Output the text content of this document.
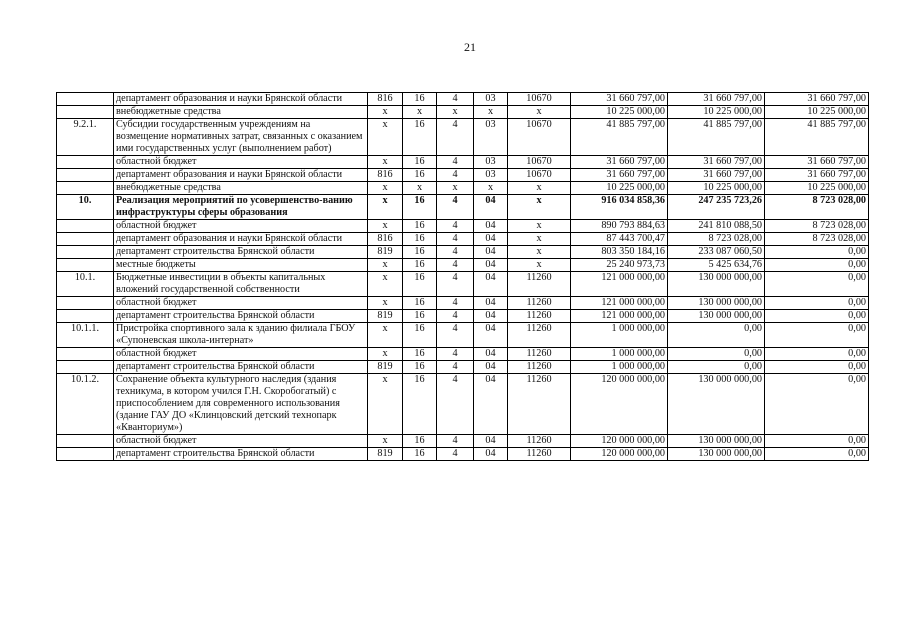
21
	департамент образования и науки Брянской области	816	16	4	03	10670	31 660 797,00	31 660 797,00	31 660 797,00
	внебюджетные средства	х	х	х	х	х	10 225 000,00	10 225 000,00	10 225 000,00
9.2.1.	Субсидии государственным учреждениям на возмещение нормативных затрат, связанных с оказанием ими государственных услуг (выполнением работ)	х	16	4	03	10670	41 885 797,00	41 885 797,00	41 885 797,00
	областной бюджет	х	16	4	03	10670	31 660 797,00	31 660 797,00	31 660 797,00
	департамент образования и науки Брянской области	816	16	4	03	10670	31 660 797,00	31 660 797,00	31 660 797,00
	внебюджетные средства	х	х	х	х	х	10 225 000,00	10 225 000,00	10 225 000,00
10.	Реализация мероприятий по усовершенство-ванию инфраструктуры сферы образования	х	16	4	04	х	916 034 858,36	247 235 723,26	8 723 028,00
	областной бюджет	х	16	4	04	х	890 793 884,63	241 810 088,50	8 723 028,00
	департамент образования и науки Брянской области	816	16	4	04	х	87 443 700,47	8 723 028,00	8 723 028,00
	департамент строительства Брянской области	819	16	4	04	х	803 350 184,16	233 087 060,50	0,00
	местные бюджеты	х	16	4	04	х	25 240 973,73	5 425 634,76	0,00
10.1.	Бюджетные инвестиции в объекты капитальных вложений государственной собственности	х	16	4	04	11260	121 000 000,00	130 000 000,00	0,00
	областной бюджет	х	16	4	04	11260	121 000 000,00	130 000 000,00	0,00
	департамент строительства Брянской области	819	16	4	04	11260	121 000 000,00	130 000 000,00	0,00
10.1.1.	Пристройка спортивного зала к зданию филиала ГБОУ «Супоневская школа-интернат»	х	16	4	04	11260	1 000 000,00	0,00	0,00
	областной бюджет	х	16	4	04	11260	1 000 000,00	0,00	0,00
	департамент строительства Брянской области	819	16	4	04	11260	1 000 000,00	0,00	0,00
10.1.2.	Сохранение объекта культурного наследия (здания техникума, в котором учился Г.Н. Скоробогатый) с приспособлением для современного использования (здание ГАУ ДО «Клинцовский детский технопарк «Кванториум»)	х	16	4	04	11260	120 000 000,00	130 000 000,00	0,00
	областной бюджет	х	16	4	04	11260	120 000 000,00	130 000 000,00	0,00
	департамент строительства Брянской области	819	16	4	04	11260	120 000 000,00	130 000 000,00	0,00
